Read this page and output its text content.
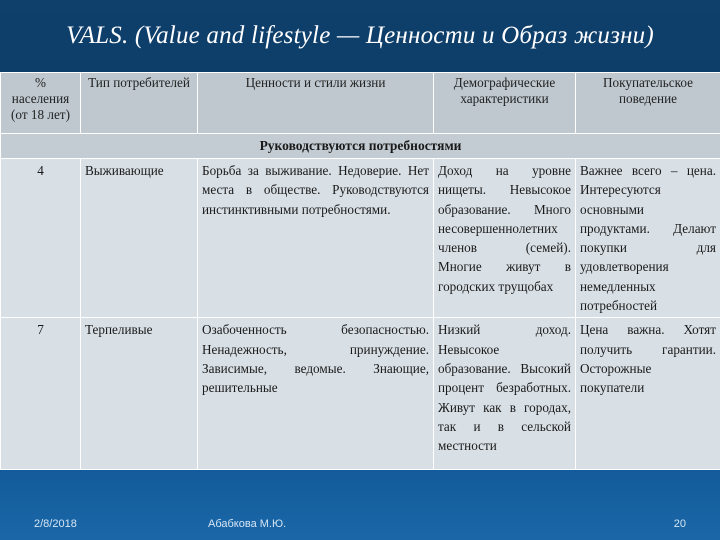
VALS. (Value and lifestyle — Ценности и Образ жизни)
% населения (от 18 лет)	Тип потребителей	Ценности и стили жизни	Демографические характеристики	Покупательское поведение
Руководствуются потребностями				
4	Выживающие	Борьба за выживание. Недоверие. Нет места в обществе. Руководствуются инстинктивными потребностями.	Доход на уровне нищеты. Невысокое образование. Много несовершеннолетних членов (семей). Многие живут в городских трущобах	Важнее всего – цена. Интересуются основными продуктами. Делают покупки для удовлетворения немедленных потребностей
7	Терпеливые	Озабоченность безопасностью. Ненадежность, принуждение. Зависимые, ведомые. Знающие, решительные	Низкий доход. Невысокое образование. Высокий процент безработных. Живут как в городах, так и в сельской местности	Цена важна. Хотят получить гарантии. Осторожные покупатели
2/8/2018	Абабкова М.Ю.	20
